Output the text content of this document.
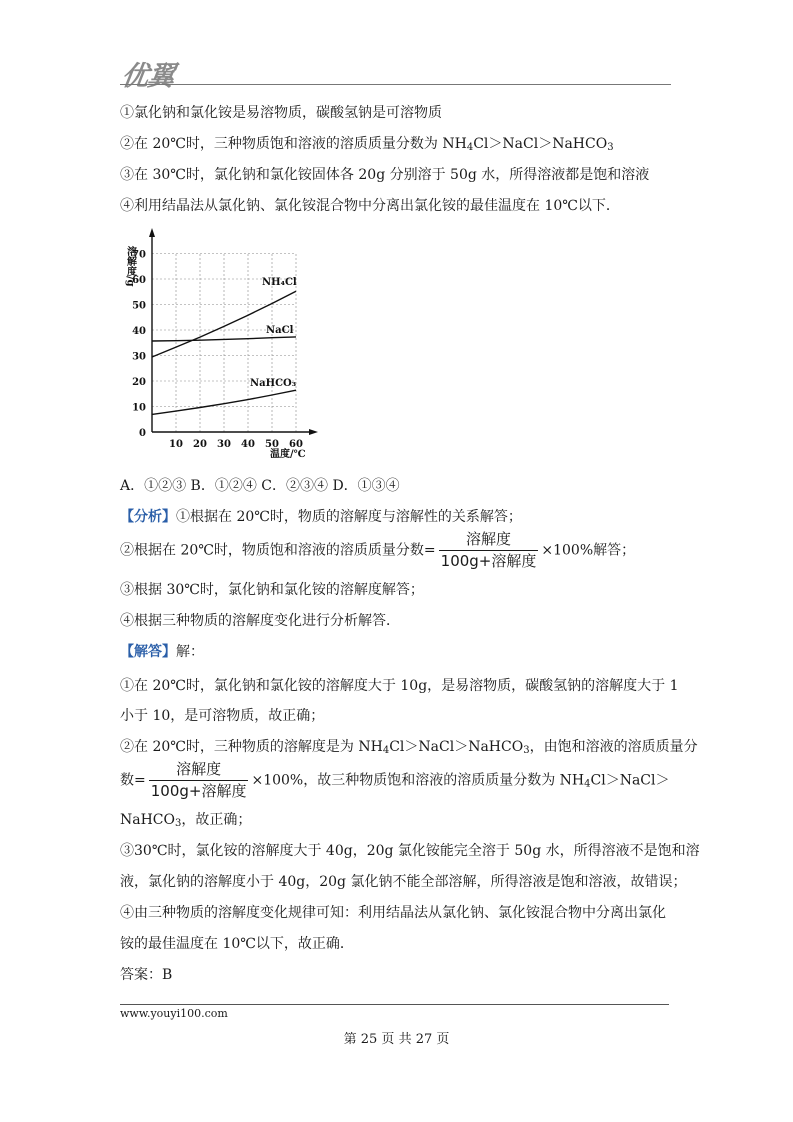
优翼
①氯化钠和氯化铵是易溶物质，碳酸氢钠是可溶物质
②在 20℃时，三种物质饱和溶液的溶质质量分数为 $NH_4Cl>NaCl>NaHCO_3$
③在 30℃时，氯化钠和氯化铵固体各 20g 分别溶于 50g 水，所得溶液都是饱和溶液
④利用结晶法从氯化钠、氯化铵混合物中分离出氯化铵的最佳温度在 10℃以下．
溶解度/g
0
10
20
30
40
50
60
70
10 20 30 40 50 60
NH₄Cl
NaCl
NaHCO₃
温度/℃
A．①②③ B．①②④ C．②③④ D．①③④
【分析】①根据在 20℃时，物质的溶解度与溶解性的关系解答；
②根据在 20℃时，物质饱和溶液的溶质质量分数= $\frac{\text{溶解度}}{\text{100g+溶解度}} \times 100\%$解答；
③根据 30℃时，氯化钠和氯化铵的溶解度解答；
④根据三种物质的溶解度变化进行分析解答．
【解答】解：
①在 20℃时，氯化钠和氯化铵的溶解度大于 10g，是易溶物质，碳酸氢钠的溶解度大于 1
小于 10，是可溶物质，故正确；
②在 20℃时，三种物质的溶解度是为 $NH_4Cl>NaCl>NaHCO_3$，由饱和溶液的溶质质量分
数= $\frac{\text{溶解度}}{\text{100g+溶解度}} \times 100\%$，故三种物质饱和溶液的溶质质量分数为 $NH_4Cl>NaCl>$
NaHCO$_3$，故正确；
③30℃时，氯化铵的溶解度大于 40g，20g 氯化铵能完全溶于 50g 水，所得溶液不是饱和溶
液，氯化钠的溶解度小于 40g，20g 氯化钠不能全部溶解，所得溶液是饱和溶液，故错误；
④由三种物质的溶解度变化规律可知：利用结晶法从氯化钠、氯化铵混合物中分离出氯化
铵的最佳温度在 10℃以下，故正确．
答案：B
www.youyi100.com
第 25 页 共 27 页
